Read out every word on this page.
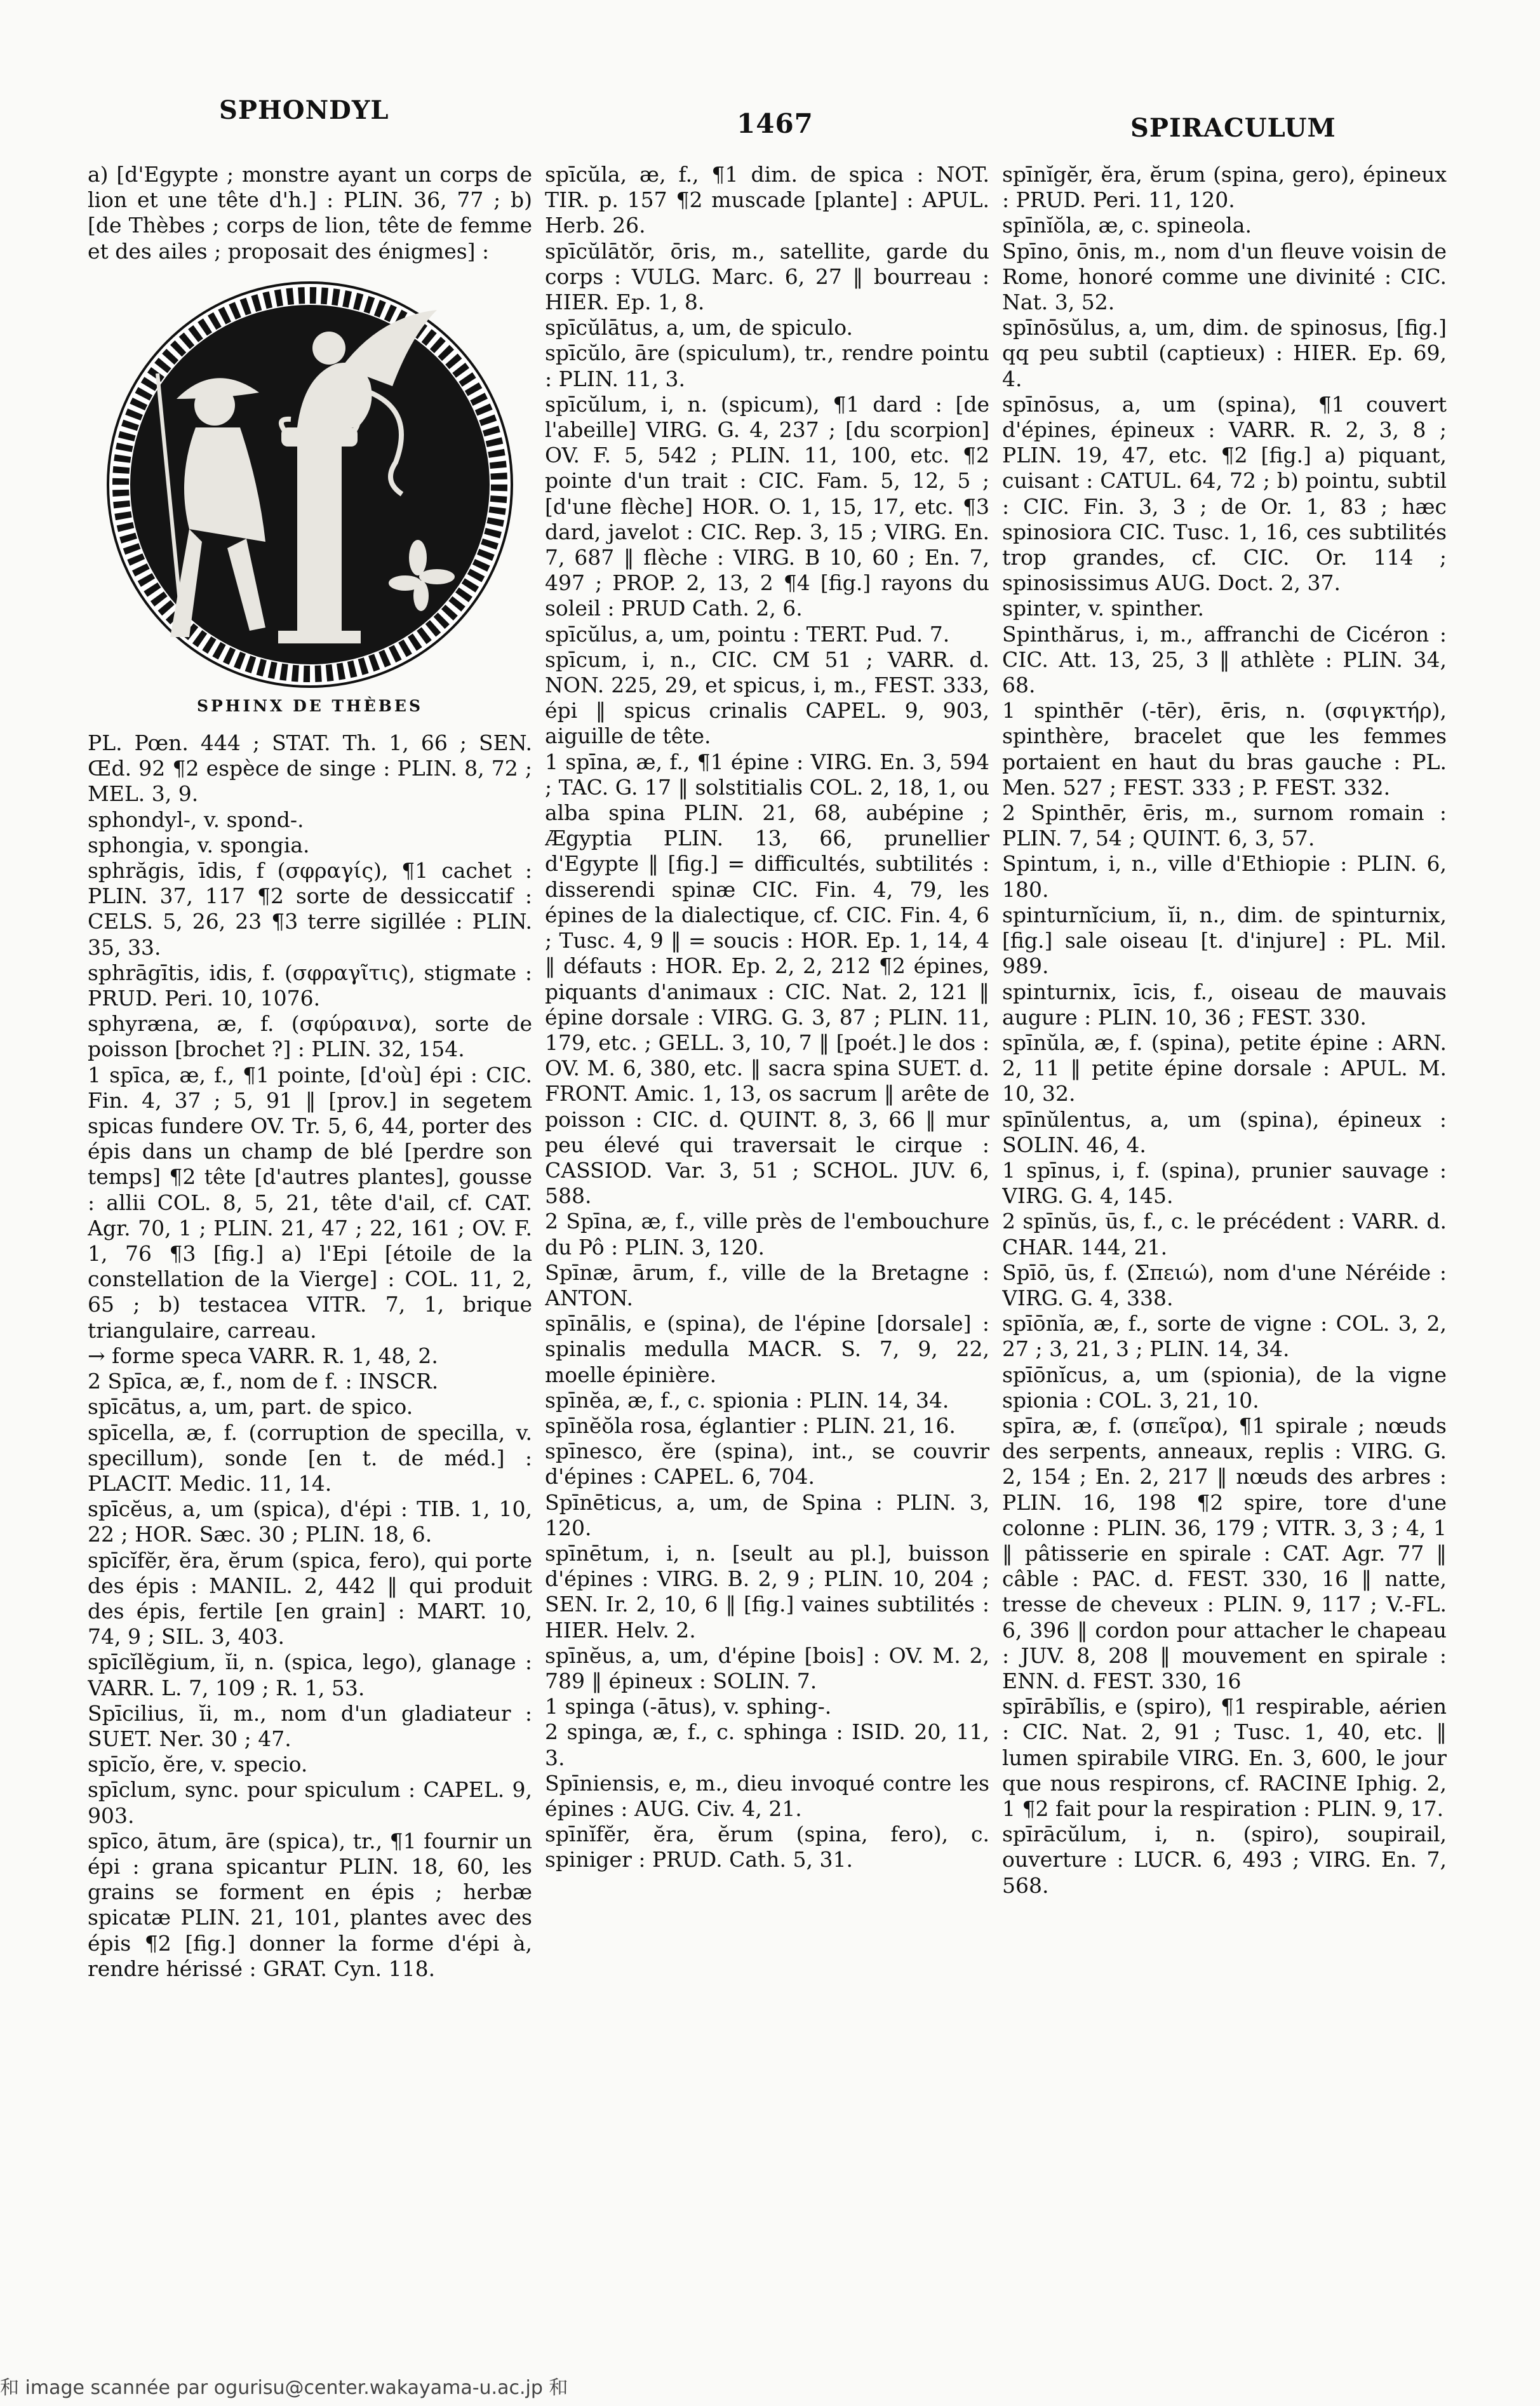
SPHONDYL	1467	SPIRACULUM

a) [d'Egypte ; monstre ayant un corps de lion et une tête d'h.] : PLIN. 36, 77 ; b) [de Thèbes ; corps de lion, tête de femme et des ailes ; proposait des énigmes] :

SPHINX DE THÈBES

PL. Pœn. 444 ; STAT. Th. 1, 66 ; SEN. Œd. 92 ¶2 espèce de singe : PLIN. 8, 72 ; MEL. 3, 9.

sphondyl-, v. spond-.

sphongia, v. spongia.

sphrăgis, īdis, f (σφραγίς), ¶1 cachet : PLIN. 37, 117 ¶2 sorte de dessiccatif : CELS. 5, 26, 23 ¶3 terre sigillée : PLIN. 35, 33.

sphrāgītis, idis, f. (σφραγῖτις), stigmate : PRUD. Peri. 10, 1076.

sphyræna, æ, f. (σφύραινα), sorte de poisson [brochet ?] : PLIN. 32, 154.

1 spīca, æ, f., ¶1 pointe, [d'où] épi : CIC. Fin. 4, 37 ; 5, 91 ‖ [prov.] in segetem spicas fundere OV. Tr. 5, 6, 44, porter des épis dans un champ de blé [perdre son temps] ¶2 tête [d'autres plantes], gousse : allii COL. 8, 5, 21, tête d'ail, cf. CAT. Agr. 70, 1 ; PLIN. 21, 47 ; 22, 161 ; OV. F. 1, 76 ¶3 [fig.] a) l'Epi [étoile de la constellation de la Vierge] : COL. 11, 2, 65 ; b) testacea VITR. 7, 1, brique triangulaire, carreau.

→ forme speca VARR. R. 1, 48, 2.

2 Spīca, æ, f., nom de f. : INSCR.

spīcātus, a, um, part. de spico.

spīcella, æ, f. (corruption de specilla, v. specillum), sonde [en t. de méd.] : PLACIT. Medic. 11, 14.

spīcĕus, a, um (spica), d'épi : TIB. 1, 10, 22 ; HOR. Sæc. 30 ; PLIN. 18, 6.

spīcĭfĕr, ĕra, ĕrum (spica, fero), qui porte des épis : MANIL. 2, 442 ‖ qui produit des épis, fertile [en grain] : MART. 10, 74, 9 ; SIL. 3, 403.

spīcĭlĕgium, ĭi, n. (spica, lego), glanage : VARR. L. 7, 109 ; R. 1, 53.

Spīcilius, ĭi, m., nom d'un gladiateur : SUET. Ner. 30 ; 47.

spīcĭo, ĕre, v. specio.

spīclum, sync. pour spiculum : CAPEL. 9, 903.

spīco, ātum, āre (spica), tr., ¶1 fournir un épi : grana spicantur PLIN. 18, 60, les grains se forment en épis ; herbæ spicatæ PLIN. 21, 101, plantes avec des épis ¶2 [fig.] donner la forme d'épi à, rendre hérissé : GRAT. Cyn. 118.

spīcŭla, æ, f., ¶1 dim. de spica : NOT. TIR. p. 157 ¶2 muscade [plante] : APUL. Herb. 26.

spīcŭlātŏr, ōris, m., satellite, garde du corps : VULG. Marc. 6, 27 ‖ bourreau : HIER. Ep. 1, 8.

spīcŭlātus, a, um, de spiculo.

spīcŭlo, āre (spiculum), tr., rendre pointu : PLIN. 11, 3.

spīcŭlum, i, n. (spicum), ¶1 dard : [de l'abeille] VIRG. G. 4, 237 ; [du scorpion] OV. F. 5, 542 ; PLIN. 11, 100, etc. ¶2 pointe d'un trait : CIC. Fam. 5, 12, 5 ; [d'une flèche] HOR. O. 1, 15, 17, etc. ¶3 dard, javelot : CIC. Rep. 3, 15 ; VIRG. En. 7, 687 ‖ flèche : VIRG. B 10, 60 ; En. 7, 497 ; PROP. 2, 13, 2 ¶4 [fig.] rayons du soleil : PRUD Cath. 2, 6.

spīcŭlus, a, um, pointu : TERT. Pud. 7.

spīcum, i, n., CIC. CM 51 ; VARR. d. NON. 225, 29, et spicus, i, m., FEST. 333, épi ‖ spicus crinalis CAPEL. 9, 903, aiguille de tête.

1 spīna, æ, f., ¶1 épine : VIRG. En. 3, 594 ; TAC. G. 17 ‖ solstitialis COL. 2, 18, 1, ou alba spina PLIN. 21, 68, aubépine ; Ægyptia PLIN. 13, 66, prunellier d'Egypte ‖ [fig.] = difficultés, subtilités : disserendi spinæ CIC. Fin. 4, 79, les épines de la dialectique, cf. CIC. Fin. 4, 6 ; Tusc. 4, 9 ‖ = soucis : HOR. Ep. 1, 14, 4 ‖ défauts : HOR. Ep. 2, 2, 212 ¶2 épines, piquants d'animaux : CIC. Nat. 2, 121 ‖ épine dorsale : VIRG. G. 3, 87 ; PLIN. 11, 179, etc. ; GELL. 3, 10, 7 ‖ [poét.] le dos : OV. M. 6, 380, etc. ‖ sacra spina SUET. d. FRONT. Amic. 1, 13, os sacrum ‖ arête de poisson : CIC. d. QUINT. 8, 3, 66 ‖ mur peu élevé qui traversait le cirque : CASSIOD. Var. 3, 51 ; SCHOL. JUV. 6, 588.

2 Spīna, æ, f., ville près de l'embouchure du Pô : PLIN. 3, 120.

Spīnæ, ārum, f., ville de la Bretagne : ANTON.

spīnālis, e (spina), de l'épine [dorsale] : spinalis medulla MACR. S. 7, 9, 22, moelle épinière.

spīnĕa, æ, f., c. spionia : PLIN. 14, 34.

spīnĕŏla rosa, églantier : PLIN. 21, 16.

spīnesco, ĕre (spina), int., se couvrir d'épines : CAPEL. 6, 704.

Spīnēticus, a, um, de Spina : PLIN. 3, 120.

spīnētum, i, n. [seult au pl.], buisson d'épines : VIRG. B. 2, 9 ; PLIN. 10, 204 ; SEN. Ir. 2, 10, 6 ‖ [fig.] vaines subtilités : HIER. Helv. 2.

spīnĕus, a, um, d'épine [bois] : OV. M. 2, 789 ‖ épineux : SOLIN. 7.

1 spinga (-ātus), v. sphing-.

2 spinga, æ, f., c. sphinga : ISID. 20, 11, 3.

Spīniensis, e, m., dieu invoqué contre les épines : AUG. Civ. 4, 21.

spīnĭfĕr, ĕra, ĕrum (spina, fero), c. spiniger : PRUD. Cath. 5, 31.

spīnĭgĕr, ĕra, ĕrum (spina, gero), épineux : PRUD. Peri. 11, 120.

spīnĭŏla, æ, c. spineola.

Spīno, ōnis, m., nom d'un fleuve voisin de Rome, honoré comme une divinité : CIC. Nat. 3, 52.

spīnōsŭlus, a, um, dim. de spinosus, [fig.] qq peu subtil (captieux) : HIER. Ep. 69, 4.

spīnōsus, a, um (spina), ¶1 couvert d'épines, épineux : VARR. R. 2, 3, 8 ; PLIN. 19, 47, etc. ¶2 [fig.] a) piquant, cuisant : CATUL. 64, 72 ; b) pointu, subtil : CIC. Fin. 3, 3 ; de Or. 1, 83 ; hæc spinosiora CIC. Tusc. 1, 16, ces subtilités trop grandes, cf. CIC. Or. 114 ; spinosissimus AUG. Doct. 2, 37.

spinter, v. spinther.

Spinthărus, i, m., affranchi de Cicéron : CIC. Att. 13, 25, 3 ‖ athlète : PLIN. 34, 68.

1 spinthēr (-tēr), ēris, n. (σφιγκτήρ), spinthère, bracelet que les femmes portaient en haut du bras gauche : PL. Men. 527 ; FEST. 333 ; P. FEST. 332.

2 Spinthēr, ēris, m., surnom romain : PLIN. 7, 54 ; QUINT. 6, 3, 57.

Spintum, i, n., ville d'Ethiopie : PLIN. 6, 180.

spinturnĭcium, ĭi, n., dim. de spinturnix, [fig.] sale oiseau [t. d'injure] : PL. Mil. 989.

spinturnix, īcis, f., oiseau de mauvais augure : PLIN. 10, 36 ; FEST. 330.

spīnŭla, æ, f. (spina), petite épine : ARN. 2, 11 ‖ petite épine dorsale : APUL. M. 10, 32.

spīnŭlentus, a, um (spina), épineux : SOLIN. 46, 4.

1 spīnus, i, f. (spina), prunier sauvage : VIRG. G. 4, 145.

2 spīnŭs, ūs, f., c. le précédent : VARR. d. CHAR. 144, 21.

Spīō, ūs, f. (Σπειώ), nom d'une Néréide : VIRG. G. 4, 338.

spīōnĭa, æ, f., sorte de vigne : COL. 3, 2, 27 ; 3, 21, 3 ; PLIN. 14, 34.

spīōnĭcus, a, um (spionia), de la vigne spionia : COL. 3, 21, 10.

spīra, æ, f. (σπεῖρα), ¶1 spirale ; nœuds des serpents, anneaux, replis : VIRG. G. 2, 154 ; En. 2, 217 ‖ nœuds des arbres : PLIN. 16, 198 ¶2 spire, tore d'une colonne : PLIN. 36, 179 ; VITR. 3, 3 ; 4, 1 ‖ pâtisserie en spirale : CAT. Agr. 77 ‖ câble : PAC. d. FEST. 330, 16 ‖ natte, tresse de cheveux : PLIN. 9, 117 ; V.-FL. 6, 396 ‖ cordon pour attacher le chapeau : JUV. 8, 208 ‖ mouvement en spirale : ENN. d. FEST. 330, 16

spīrābĭlis, e (spiro), ¶1 respirable, aérien : CIC. Nat. 2, 91 ; Tusc. 1, 40, etc. ‖ lumen spirabile VIRG. En. 3, 600, le jour que nous respirons, cf. RACINE Iphig. 2, 1 ¶2 fait pour la respiration : PLIN. 9, 17.

spīrācŭlum, i, n. (spiro), soupirail, ouverture : LUCR. 6, 493 ; VIRG. En. 7, 568.

和 image scannée par ogurisu@center.wakayama-u.ac.jp 和
